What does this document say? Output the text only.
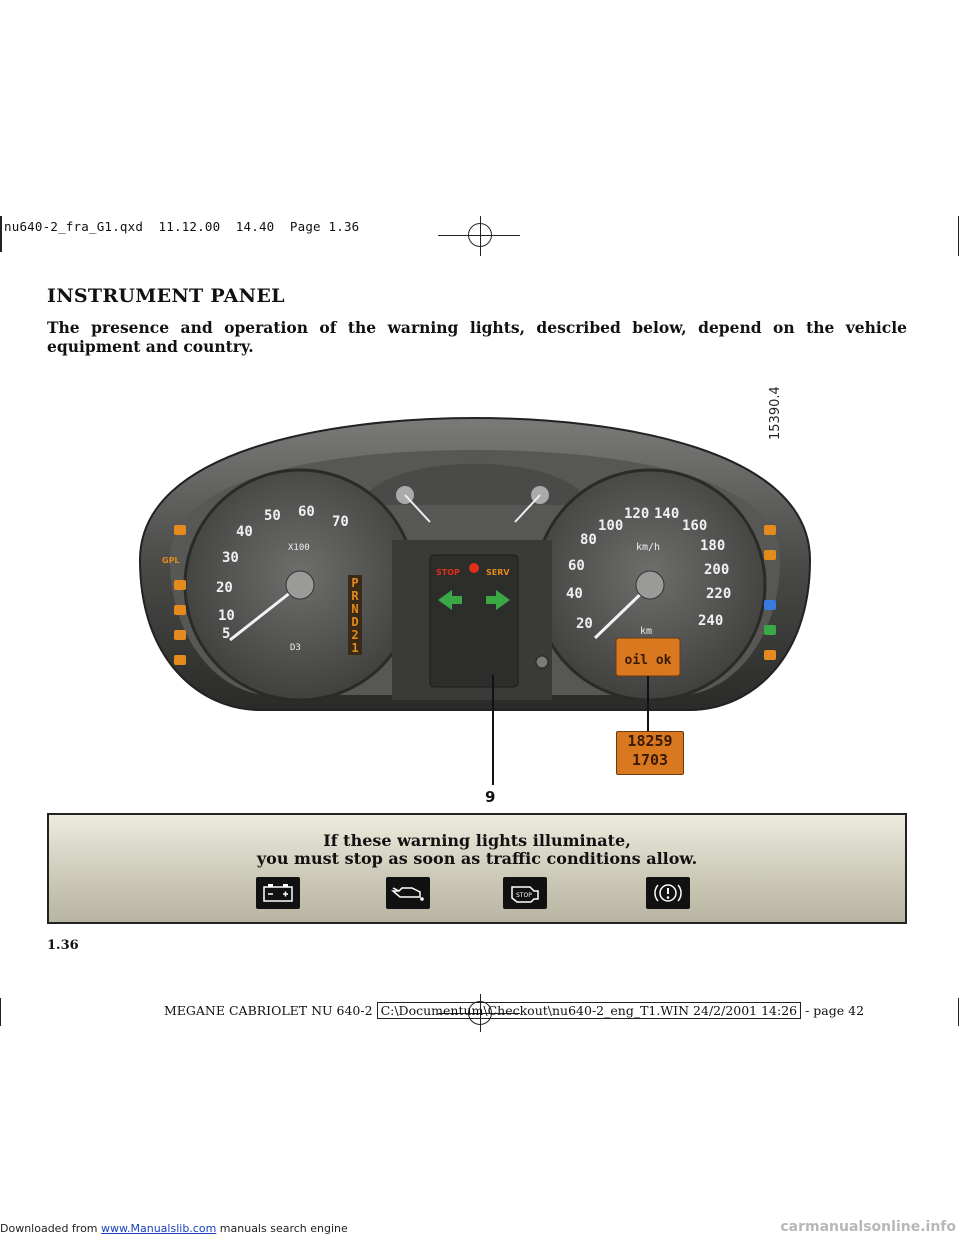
nu640-2_fra_G1.qxd 11.12.00 14.40 Page 1.36
INSTRUMENT PANEL
The presence and operation of the warning lights, described below, depend on the vehicle equipment and country.
15390.4
5
10
20
30
40
50 60
70
X100
D3
P
R
N
D
2
1
20
40
60
80
100
120 140
160
180
200
220
240
km/h
km
oil ok
STOP	SERV
GPL
9
18259
1703
If these warning lights illuminate,
you must stop as soon as traffic conditions allow.
STOP
1.36
MEGANE CABRIOLET NU 640-2 C:\Documentum\Checkout\nu640-2_eng_T1.WIN 24/2/2001 14:26 - page 42
Downloaded from www.Manualslib.com manuals search engine	carmanualsonline.info
